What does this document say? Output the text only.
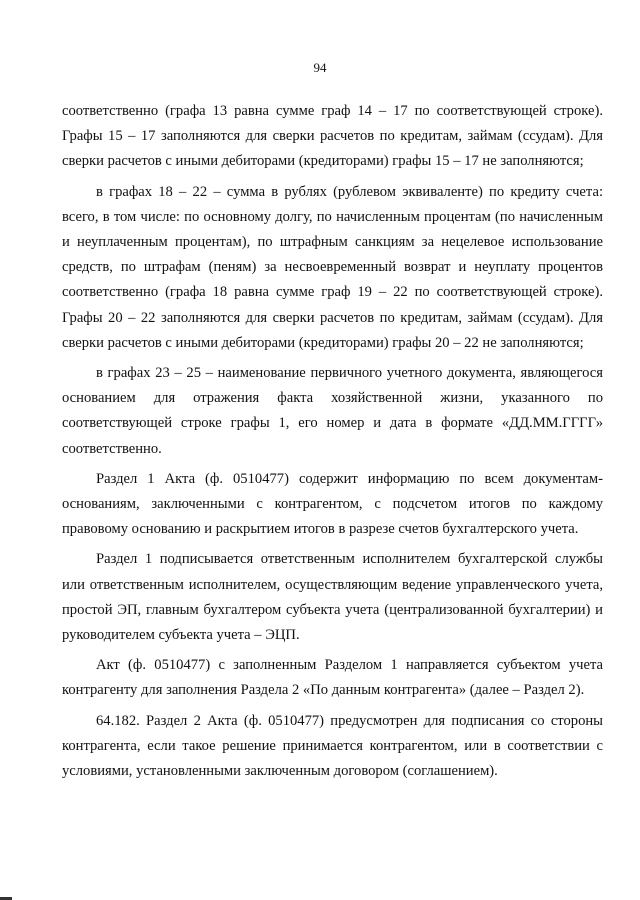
94

соответственно (графа 13 равна сумме граф 14 – 17 по соответствующей строке). Графы 15 – 17 заполняются для сверки расчетов по кредитам, займам (ссудам). Для сверки расчетов с иными дебиторами (кредиторами) графы 15 – 17 не заполняются;

в графах 18 – 22 – сумма в рублях (рублевом эквиваленте) по кредиту счета: всего, в том числе: по основному долгу, по начисленным процентам (по начисленным и неуплаченным процентам), по штрафным санкциям за нецелевое использование средств, по штрафам (пеням) за несвоевременный возврат и неуплату процентов соответственно (графа 18 равна сумме граф 19 – 22 по соответствующей строке). Графы 20 – 22 заполняются для сверки расчетов по кредитам, займам (ссудам). Для сверки расчетов с иными дебиторами (кредиторами) графы 20 – 22 не заполняются;

в графах 23 – 25 – наименование первичного учетного документа, являющегося основанием для отражения факта хозяйственной жизни, указанного по соответствующей строке графы 1, его номер и дата в формате «ДД.ММ.ГГГГ» соответственно.

Раздел 1 Акта (ф. 0510477) содержит информацию по всем документам-основаниям, заключенными с контрагентом, с подсчетом итогов по каждому правовому основанию и раскрытием итогов в разрезе счетов бухгалтерского учета.

Раздел 1 подписывается ответственным исполнителем бухгалтерской службы или ответственным исполнителем, осуществляющим ведение управленческого учета, простой ЭП, главным бухгалтером субъекта учета (централизованной бухгалтерии) и руководителем субъекта учета – ЭЦП.

Акт (ф. 0510477) с заполненным Разделом 1 направляется субъектом учета контрагенту для заполнения Раздела 2 «По данным контрагента» (далее – Раздел 2).

64.182. Раздел 2 Акта (ф. 0510477) предусмотрен для подписания со стороны контрагента, если такое решение принимается контрагентом, или в соответствии с условиями, установленными заключенным договором (соглашением).
